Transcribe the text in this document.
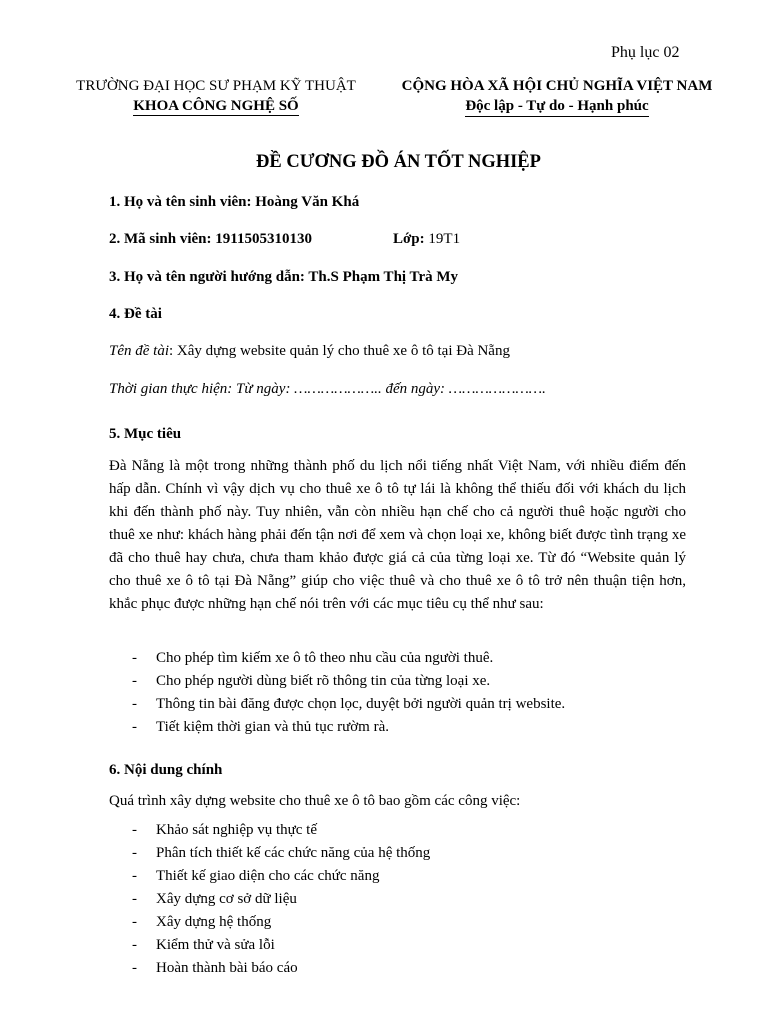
Phụ lục 02
TRƯỜNG ĐẠI HỌC SƯ PHẠM KỸ THUẬT
KHOA CÔNG NGHỆ SỐ
CỘNG HÒA XÃ HỘI CHỦ NGHĨA VIỆT NAM
Độc lập - Tự do - Hạnh phúc
ĐỀ CƯƠNG ĐỒ ÁN TỐT NGHIỆP
1. Họ và tên sinh viên: Hoàng Văn Khá
2. Mã sinh viên: 1911505310130	Lớp: 19T1
3. Họ và tên người hướng dẫn: Th.S Phạm Thị Trà My
4. Đề tài
Tên đề tài: Xây dựng website quản lý cho thuê xe ô tô tại Đà Nẵng
Thời gian thực hiện: Từ ngày: ……………….. đến ngày: ………………….
5. Mục tiêu
Đà Nẵng là một trong những thành phố du lịch nổi tiếng nhất Việt Nam, với nhiều điểm đến hấp dẫn. Chính vì vậy dịch vụ cho thuê xe ô tô tự lái là không thể thiếu đối với khách du lịch khi đến thành phố này. Tuy nhiên, vẫn còn nhiều hạn chế cho cả người thuê hoặc người cho thuê xe như: khách hàng phải đến tận nơi để xem và chọn loại xe, không biết được tình trạng xe đã cho thuê hay chưa, chưa tham khảo được giá cả của từng loại xe. Từ đó “Website quản lý cho thuê xe ô tô tại Đà Nẵng” giúp cho việc thuê và cho thuê xe ô tô trở nên thuận tiện hơn, khắc phục được những hạn chế nói trên với các mục tiêu cụ thể như sau:
- Cho phép tìm kiếm xe ô tô theo nhu cầu của người thuê.
- Cho phép người dùng biết rõ thông tin của từng loại xe.
- Thông tin bài đăng được chọn lọc, duyệt bởi người quản trị website.
- Tiết kiệm thời gian và thủ tục rườm rà.
6. Nội dung chính
Quá trình xây dựng website cho thuê xe ô tô bao gồm các công việc:
- Khảo sát nghiệp vụ thực tế
- Phân tích thiết kế các chức năng của hệ thống
- Thiết kế giao diện cho các chức năng
- Xây dựng cơ sở dữ liệu
- Xây dựng hệ thống
- Kiểm thử và sửa lỗi
- Hoàn thành bài báo cáo
